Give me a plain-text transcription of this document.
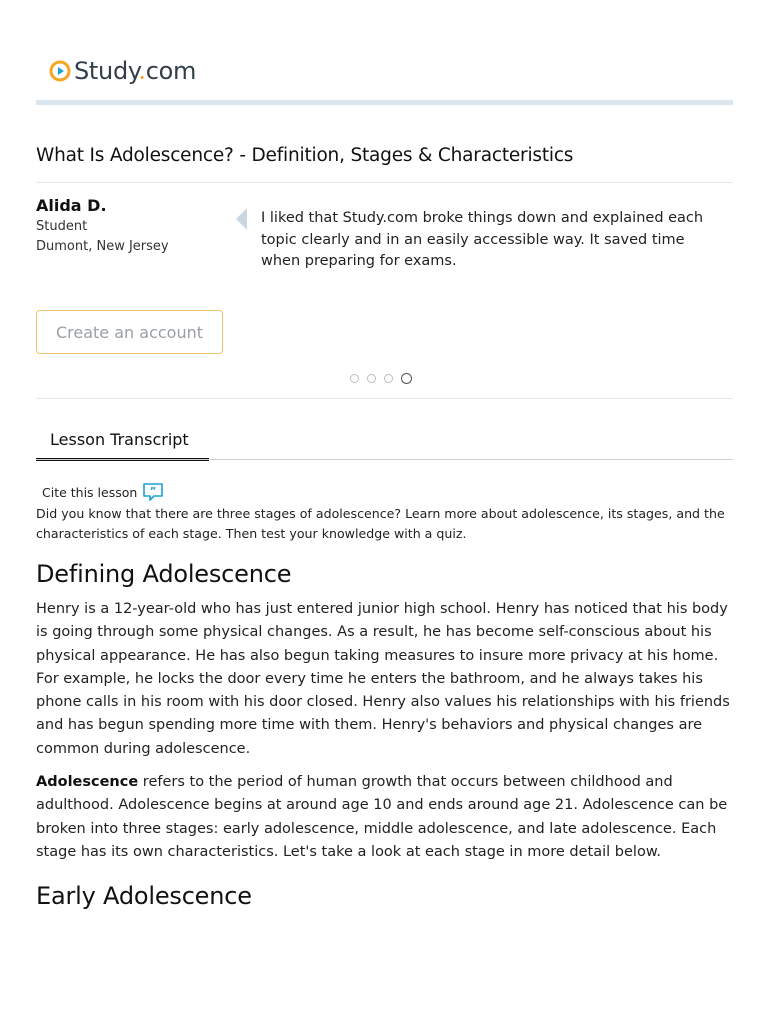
Study.com
What Is Adolescence? - Definition, Stages & Characteristics
Alida D.
Student
Dumont, New Jersey
I liked that Study.com broke things down and explained each topic clearly and in an easily accessible way. It saved time when preparing for exams.
Create an account
Lesson Transcript
Cite this lesson ”
Did you know that there are three stages of adolescence? Learn more about adolescence, its stages, and the characteristics of each stage. Then test your knowledge with a quiz.
Defining Adolescence

Henry is a 12-year-old who has just entered junior high school. Henry has noticed that his body is going through some physical changes. As a result, he has become self-conscious about his physical appearance. He has also begun taking measures to insure more privacy at his home. For example, he locks the door every time he enters the bathroom, and he always takes his phone calls in his room with his door closed. Henry also values his relationships with his friends and has begun spending more time with them. Henry's behaviors and physical changes are common during adolescence.

Adolescence refers to the period of human growth that occurs between childhood and adulthood. Adolescence begins at around age 10 and ends around age 21. Adolescence can be broken into three stages: early adolescence, middle adolescence, and late adolescence. Each stage has its own characteristics. Let's take a look at each stage in more detail below.

Early Adolescence
